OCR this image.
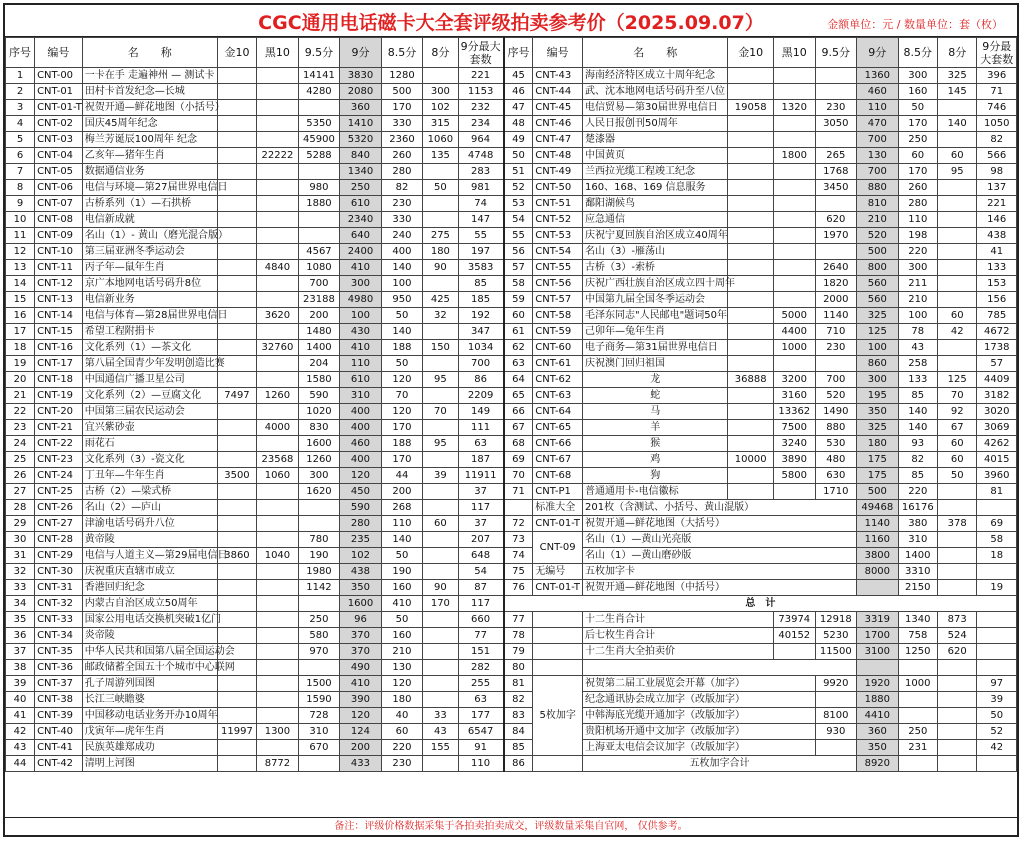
CGC通用电话磁卡大全套评级拍卖参考价（2025.09.07）	金额单位：元 / 数量单位：套（枚）
序号	编号	名　　称	金10	黑10	9.5分	9分	8.5分	8分	9分最大套数	序号	编号	名　　称	金10	黑10	9.5分	9分	8.5分	8分	9分最大套数
1	CNT-00	一卡在手 走遍神州 — 测试卡			14141	3830	1280		221	45	CNT-43	海南经济特区成立十周年纪念				1360	300	325	396
2	CNT-01	田村卡首发纪念—长城			4280	2080	500	300	1153	46	CNT-44	武、沈本地网电话号码升至八位				460	160	145	71
3	CNT-01-T	祝贺开通—鲜花地图（小括号）				360	170	102	232	47	CNT-45	电信贸易—第30届世界电信日	19058	1320	230	110	50		746
4	CNT-02	国庆45周年纪念			5350	1410	330	315	234	48	CNT-46	人民日报创刊50周年			3050	470	170	140	1050
5	CNT-03	梅兰芳诞辰100周年 纪念			45900	5320	2360	1060	964	49	CNT-47	楚漆器				700	250		82
6	CNT-04	乙亥年—猪年生肖		22222	5288	840	260	135	4748	50	CNT-48	中国黄页		1800	265	130	60	60	566
7	CNT-05	数据通信业务				1340	280		283	51	CNT-49	兰西拉光缆工程竣工纪念			1768	700	170	95	98
8	CNT-06	电信与环境—第27届世界电信日			980	250	82	50	981	52	CNT-50	160、168、169 信息服务			3450	880	260		137
9	CNT-07	古桥系列（1）—石拱桥			1880	610	230		74	53	CNT-51	鄱阳湖候鸟				810	280		221
10	CNT-08	电信新成就				2340	330		147	54	CNT-52	应急通信			620	210	110		146
11	CNT-09	名山（1）- 黄山（磨光混合版）				640	240	275	55	55	CNT-53	庆祝宁夏回族自治区成立40周年			1970	520	198		438
12	CNT-10	第三届亚洲冬季运动会			4567	2400	400	180	197	56	CNT-54	名山（3）-雁荡山				500	220		41
13	CNT-11	丙子年—鼠年生肖		4840	1080	410	140	90	3583	57	CNT-55	古桥（3）-索桥			2640	800	300		133
14	CNT-12	京广本地网电话号码升8位			700	300	100		85	58	CNT-56	庆祝广西壮族自治区成立四十周年			1820	560	211		153
15	CNT-13	电信新业务			23188	4980	950	425	185	59	CNT-57	中国第九届全国冬季运动会			2000	560	210		156
16	CNT-14	电信与体育—第28届世界电信日		3620	200	100	50	32	192	60	CNT-58	毛泽东同志"人民邮电"题词50年		5000	1140	325	100	60	785
17	CNT-15	希望工程附捐卡			1480	430	140		347	61	CNT-59	己卯年—兔年生肖		4400	710	125	78	42	4672
18	CNT-16	文化系列（1）—茶文化		32760	1400	410	188	150	1034	62	CNT-60	电子商务—第31届世界电信日		1000	230	100	43		1738
19	CNT-17	第八届全国青少年发明创造比赛			204	110	50		700	63	CNT-61	庆祝澳门回归祖国				860	258		57
20	CNT-18	中国通信广播卫星公司			1580	610	120	95	86	64	CNT-62	龙	36888	3200	700	300	133	125	4409
21	CNT-19	文化系列（2）—豆腐文化	7497	1260	590	310	70		2209	65	CNT-63	蛇		3160	520	195	85	70	3182
22	CNT-20	中国第三届农民运动会			1020	400	120	70	149	66	CNT-64	马		13362	1490	350	140	92	3020
23	CNT-21	宜兴紫砂壶		4000	830	400	170		111	67	CNT-65	羊		7500	880	325	140	67	3069
24	CNT-22	雨花石			1600	460	188	95	63	68	CNT-66	猴		3240	530	180	93	60	4262
25	CNT-23	文化系列（3）-瓷文化		23568	1260	400	170		187	69	CNT-67	鸡	10000	3890	480	175	82	60	4015
26	CNT-24	丁丑年—牛年生肖	3500	1060	300	120	44	39	11911	70	CNT-68	狗		5800	630	175	85	50	3960
27	CNT-25	古桥（2）—梁式桥			1620	450	200		37	71	CNT-P1	普通通用卡-电信徽标			1710	500	220		81
28	CNT-26	名山（2）—庐山				590	268		117		标准大全	201枚（含测试、小括号、黄山混版）				49468	16176		
29	CNT-27	津渝电话号码升八位				280	110	60	37	72	CNT-01-T	祝贺开通—鲜花地图（大括号）				1140	380	378	69
30	CNT-28	黄帝陵			780	235	140		207	73	CNT-09	名山（1）—黄山光亮版				1160	310		58
31	CNT-29	电信与人道主义—第29届电信日	3860	1040	190	102	50		648	74		名山（1）—黄山磨砂版				3800	1400		18
32	CNT-30	庆祝重庆直辖市成立			1980	438	190		54	75	无编号	五枚加字卡				8000	3310		
33	CNT-31	香港回归纪念			1142	350	160	90	87	76	CNT-01-T	祝贺开通—鲜花地图（中括号）					2150		19
34	CNT-32	内蒙古自治区成立50周年				1600	410	170	117	总　计									
35	CNT-33	国家公用电话交换机突破1亿门			250	96	50		660	77		十二生肖合计		73974	12918	3319	1340	873	
36	CNT-34	炎帝陵			580	370	160		77	78		后七枚生肖合计		40152	5230	1700	758	524	
37	CNT-35	中华人民共和国第八届全国运动会			970	370	210		151	79		十二生肖大全拍卖价			11500	3100	1250	620	
38	CNT-36	邮政储蓄全国五十个城市中心联网				490	130		282	80									
39	CNT-37	孔子周游列国图			1500	410	120		255	81	5枚加字	祝贺第二届工业展览会开幕（加字）			9920	1920	1000		97
40	CNT-38	长江三峡瞻婆			1590	390	180		63	82		纪念通讯协会成立加字（改版加字）				1880			39
41	CNT-39	中国移动电话业务开办10周年			728	120	40	33	177	83		中韩海底光缆开通加字（改版加字）			8100	4410			50
42	CNT-40	戊寅年—虎年生肖	11997	1300	310	124	60	43	6547	84		贵阳机场开通中文加字（改版加字）			930	360	250		52
43	CNT-41	民族英雄郑成功			670	200	220	155	91	85		上海亚太电信会议加字（改版加字）				350	231		42
44	CNT-42	清明上河图		8772		433	230		110	86		五枚加字合计				8920			
备注：评级价格数据采集于各拍卖拍卖成交，评级数量采集自官网， 仅供参考。
